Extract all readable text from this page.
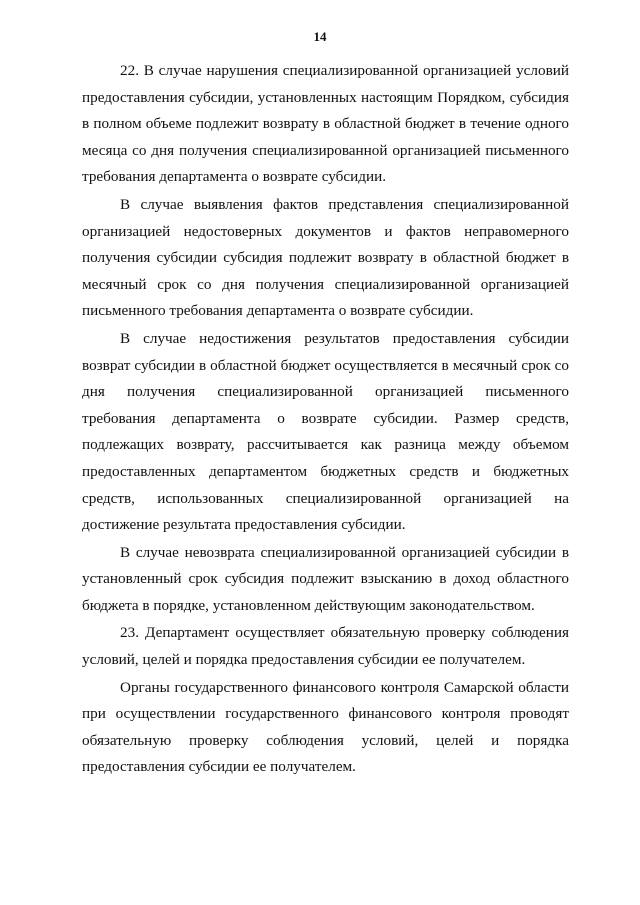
14

22. В случае нарушения специализированной организацией условий предоставления субсидии, установленных настоящим Порядком, субсидия в полном объеме подлежит возврату в областной бюджет в течение одного месяца со дня получения специализированной организацией письменного требования департамента о возврате субсидии.

В случае выявления фактов представления специализированной организацией недостоверных документов и фактов неправомерного получения субсидии субсидия подлежит возврату в областной бюджет в месячный срок со дня получения специализированной организацией письменного требования департамента о возврате субсидии.

В случае недостижения результатов предоставления субсидии возврат субсидии в областной бюджет осуществляется в месячный срок со дня получения специализированной организацией письменного требования департамента о возврате субсидии. Размер средств, подлежащих возврату, рассчитывается как разница между объемом предоставленных департаментом бюджетных средств и бюджетных средств, использованных специализированной организацией на достижение результата предоставления субсидии.

В случае невозврата специализированной организацией субсидии в установленный срок субсидия подлежит взысканию в доход областного бюджета в порядке, установленном действующим законодательством.

23. Департамент осуществляет обязательную проверку соблюдения условий, целей и порядка предоставления субсидии ее получателем.

Органы государственного финансового контроля Самарской области при осуществлении государственного финансового контроля проводят обязательную проверку соблюдения условий, целей и порядка предоставления субсидии ее получателем.
